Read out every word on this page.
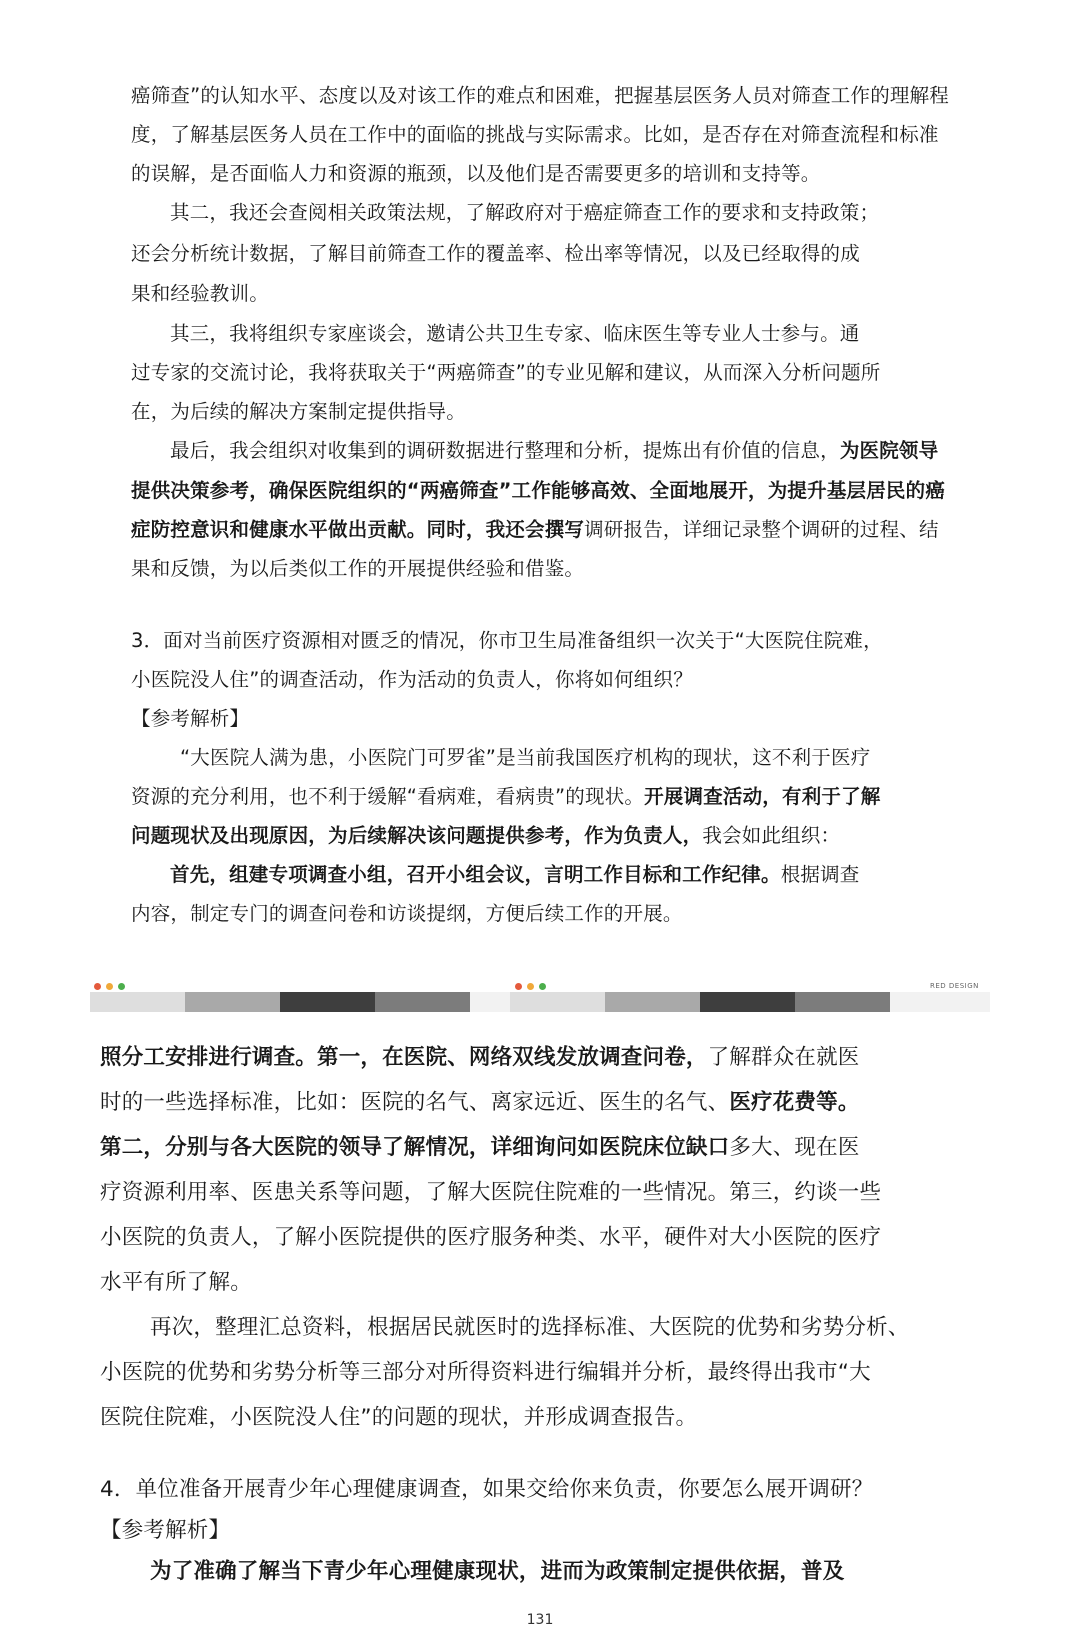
癌筛查”的认知水平、态度以及对该工作的难点和困难，把握基层医务人员对筛查工作的理解程
度，了解基层医务人员在工作中的面临的挑战与实际需求。比如，是否存在对筛查流程和标准
的误解，是否面临人力和资源的瓶颈，以及他们是否需要更多的培训和支持等。
其二，我还会查阅相关政策法规，了解政府对于癌症筛查工作的要求和支持政策；
还会分析统计数据，了解目前筛查工作的覆盖率、检出率等情况，以及已经取得的成
果和经验教训。
其三，我将组织专家座谈会，邀请公共卫生专家、临床医生等专业人士参与。通
过专家的交流讨论，我将获取关于“两癌筛查”的专业见解和建议，从而深入分析问题所
在，为后续的解决方案制定提供指导。
最后，我会组织对收集到的调研数据进行整理和分析，提炼出有价值的信息，为医院领导
提供决策参考，确保医院组织的“两癌筛查”工作能够高效、全面地展开，为提升基层居民的癌
症防控意识和健康水平做出贡献。同时，我还会撰写调研报告，详细记录整个调研的过程、结
果和反馈，为以后类似工作的开展提供经验和借鉴。
3．面对当前医疗资源相对匮乏的情况，你市卫生局准备组织一次关于“大医院住院难，
小医院没人住”的调查活动，作为活动的负责人，你将如何组织？
【参考解析】
“大医院人满为患，小医院门可罗雀”是当前我国医疗机构的现状，这不利于医疗
资源的充分利用，也不利于缓解“看病难，看病贵”的现状。开展调查活动，有利于了解
问题现状及出现原因，为后续解决该问题提供参考，作为负责人，我会如此组织：
首先，组建专项调查小组，召开小组会议，言明工作目标和工作纪律。根据调查
内容，制定专门的调查问卷和访谈提纲，方便后续工作的开展。
RED DESIGN
照分工安排进行调查。第一，在医院、网络双线发放调查问卷，了解群众在就医
时的一些选择标准，比如：医院的名气、离家远近、医生的名气、医疗花费等。
第二，分别与各大医院的领导了解情况，详细询问如医院床位缺口多大、现在医
疗资源利用率、医患关系等问题，了解大医院住院难的一些情况。第三，约谈一些
小医院的负责人，了解小医院提供的医疗服务种类、水平，硬件对大小医院的医疗
水平有所了解。
再次，整理汇总资料，根据居民就医时的选择标准、大医院的优势和劣势分析、
小医院的优势和劣势分析等三部分对所得资料进行编辑并分析，最终得出我市“大
医院住院难，小医院没人住”的问题的现状，并形成调查报告。
4．单位准备开展青少年心理健康调查，如果交给你来负责，你要怎么展开调研？
【参考解析】
为了准确了解当下青少年心理健康现状，进而为政策制定提供依据，普及
131
